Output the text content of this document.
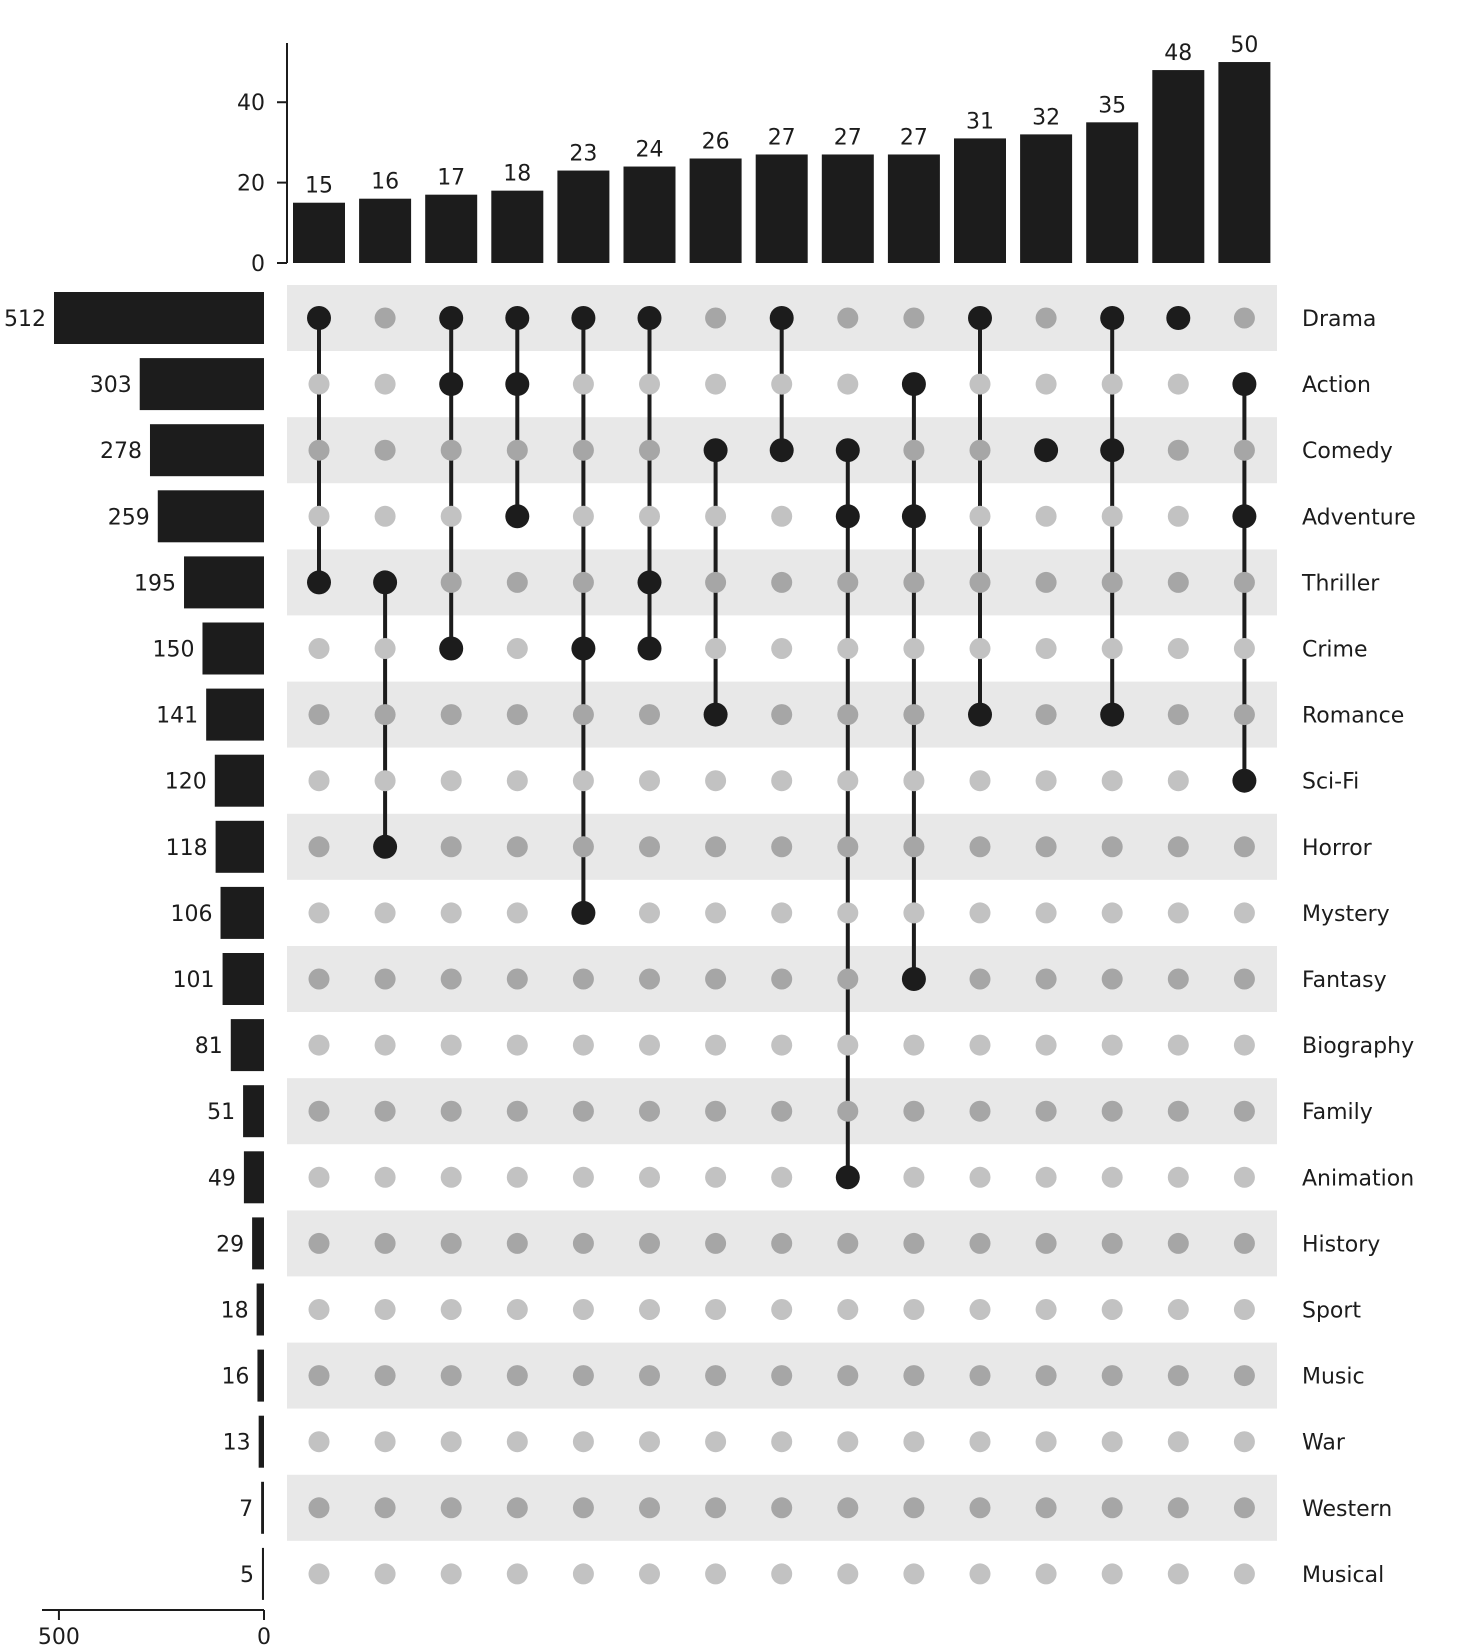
0
20
40
15 16 17 18
23 24 26 27 27 27
31 32 35
48 50
500	0
512
303
278
259
195
150
141
120
118
106
101
81
51
49
29
18
16
13
7
5
Drama
Action
Comedy
Adventure
Thriller
Crime
Romance
Sci-Fi
Horror
Mystery
Fantasy
Biography
Family
Animation
History
Sport
Music
War
Western
Musical
